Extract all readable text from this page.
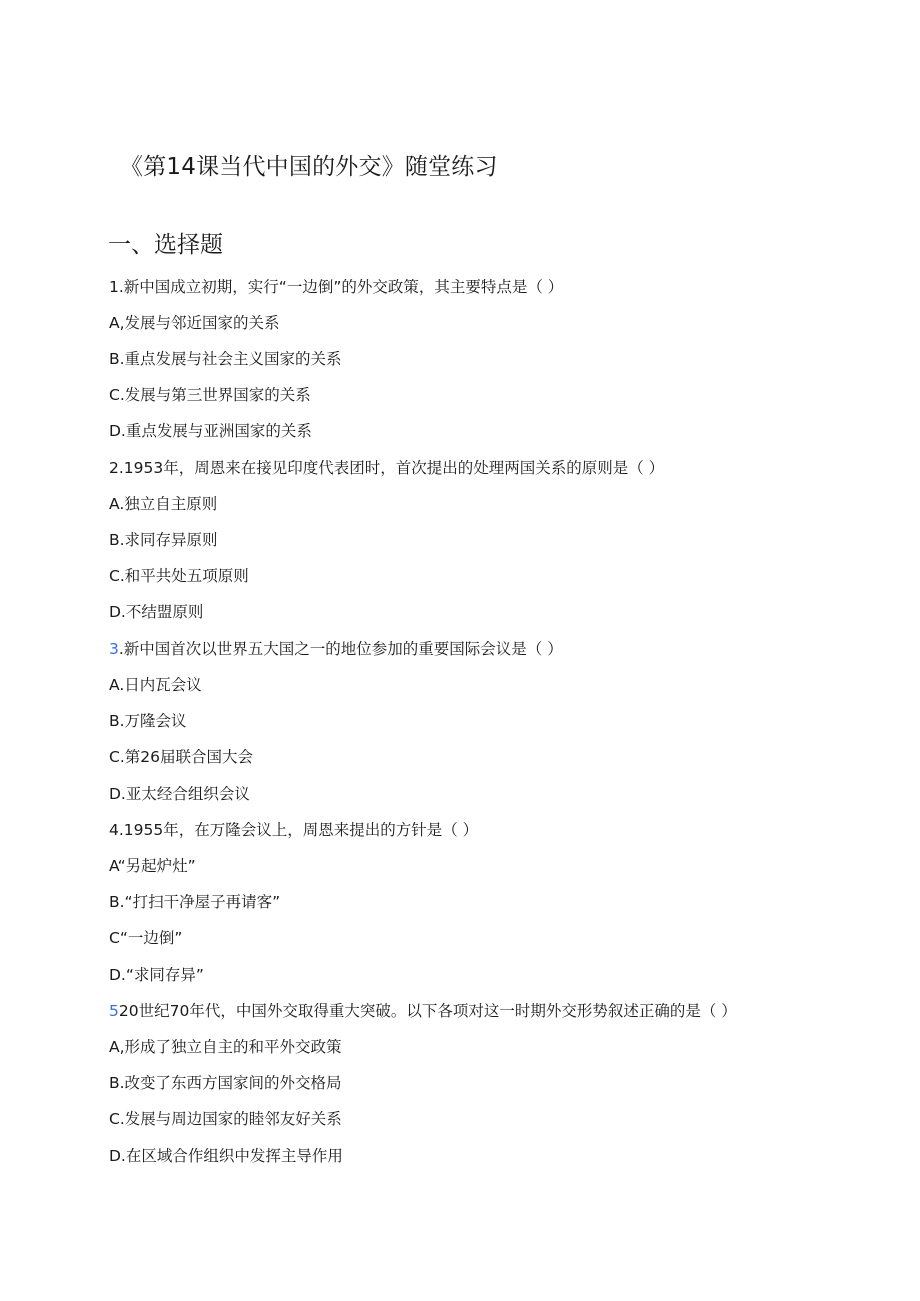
《第14课当代中国的外交》随堂练习
一、选择题
1.新中国成立初期，实行“一边倒”的外交政策，其主要特点是（ ）
A,发展与邻近国家的关系
B.重点发展与社会主义国家的关系
C.发展与第三世界国家的关系
D.重点发展与亚洲国家的关系
2.1953年，周恩来在接见印度代表团时，首次提出的处理两国关系的原则是（ ）
A.独立自主原则
B.求同存异原则
C.和平共处五项原则
D.不结盟原则
3.新中国首次以世界五大国之一的地位参加的重要国际会议是（ ）
A.日内瓦会议
B.万隆会议
C.第26届联合国大会
D.亚太经合组织会议
4.1955年，在万隆会议上，周恩来提出的方针是（ ）
A“另起炉灶”
B.“打扫干净屋子再请客”
C“一边倒”
D.“求同存异”
520世纪70年代，中国外交取得重大突破。以下各项对这一时期外交形势叙述正确的是（ ）
A,形成了独立自主的和平外交政策
B.改变了东西方国家间的外交格局
C.发展与周边国家的睦邻友好关系
D.在区域合作组织中发挥主导作用
